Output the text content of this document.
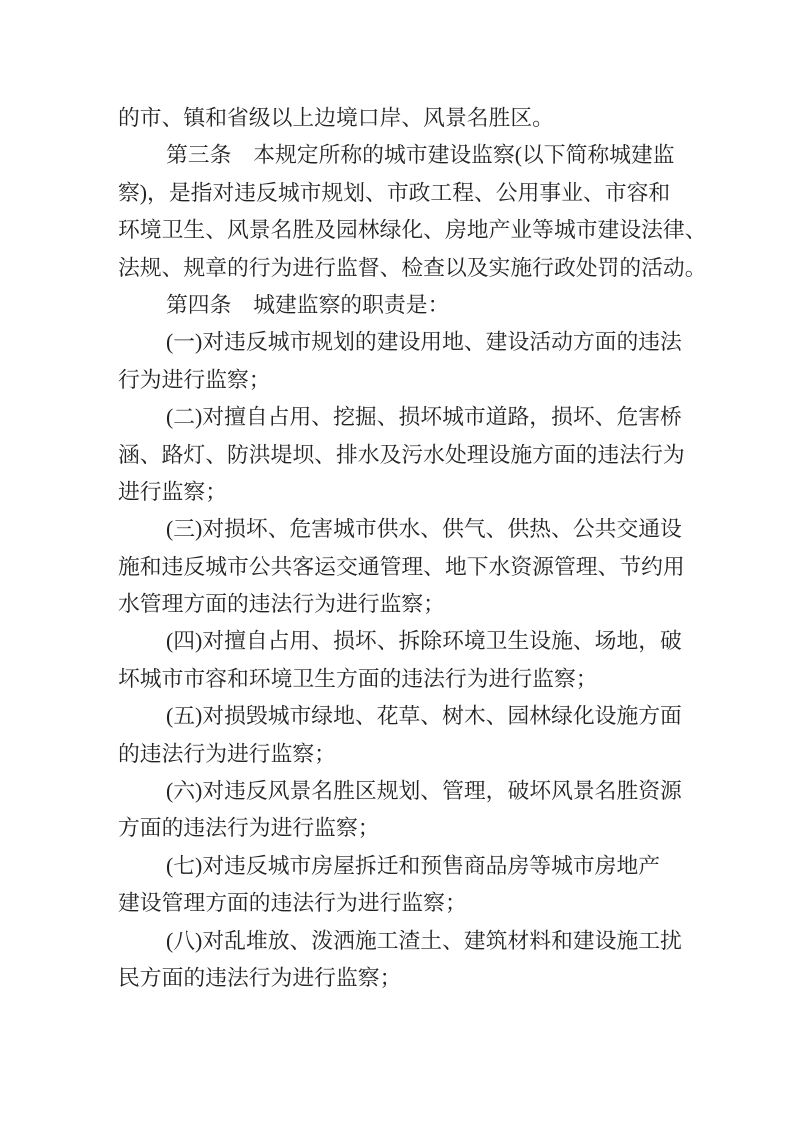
的市、镇和省级以上边境口岸、风景名胜区。
第三条　本规定所称的城市建设监察(以下简称城建监
察)，是指对违反城市规划、市政工程、公用事业、市容和
环境卫生、风景名胜及园林绿化、房地产业等城市建设法律、
法规、规章的行为进行监督、检查以及实施行政处罚的活动。
第四条　城建监察的职责是：
(一)对违反城市规划的建设用地、建设活动方面的违法
行为进行监察；
(二)对擅自占用、挖掘、损坏城市道路，损坏、危害桥
涵、路灯、防洪堤坝、排水及污水处理设施方面的违法行为
进行监察；
(三)对损坏、危害城市供水、供气、供热、公共交通设
施和违反城市公共客运交通管理、地下水资源管理、节约用
水管理方面的违法行为进行监察；
(四)对擅自占用、损坏、拆除环境卫生设施、场地，破
坏城市市容和环境卫生方面的违法行为进行监察；
(五)对损毁城市绿地、花草、树木、园林绿化设施方面
的违法行为进行监察；
(六)对违反风景名胜区规划、管理，破坏风景名胜资源
方面的违法行为进行监察；
(七)对违反城市房屋拆迁和预售商品房等城市房地产
建设管理方面的违法行为进行监察；
(八)对乱堆放、泼洒施工渣土、建筑材料和建设施工扰
民方面的违法行为进行监察；
